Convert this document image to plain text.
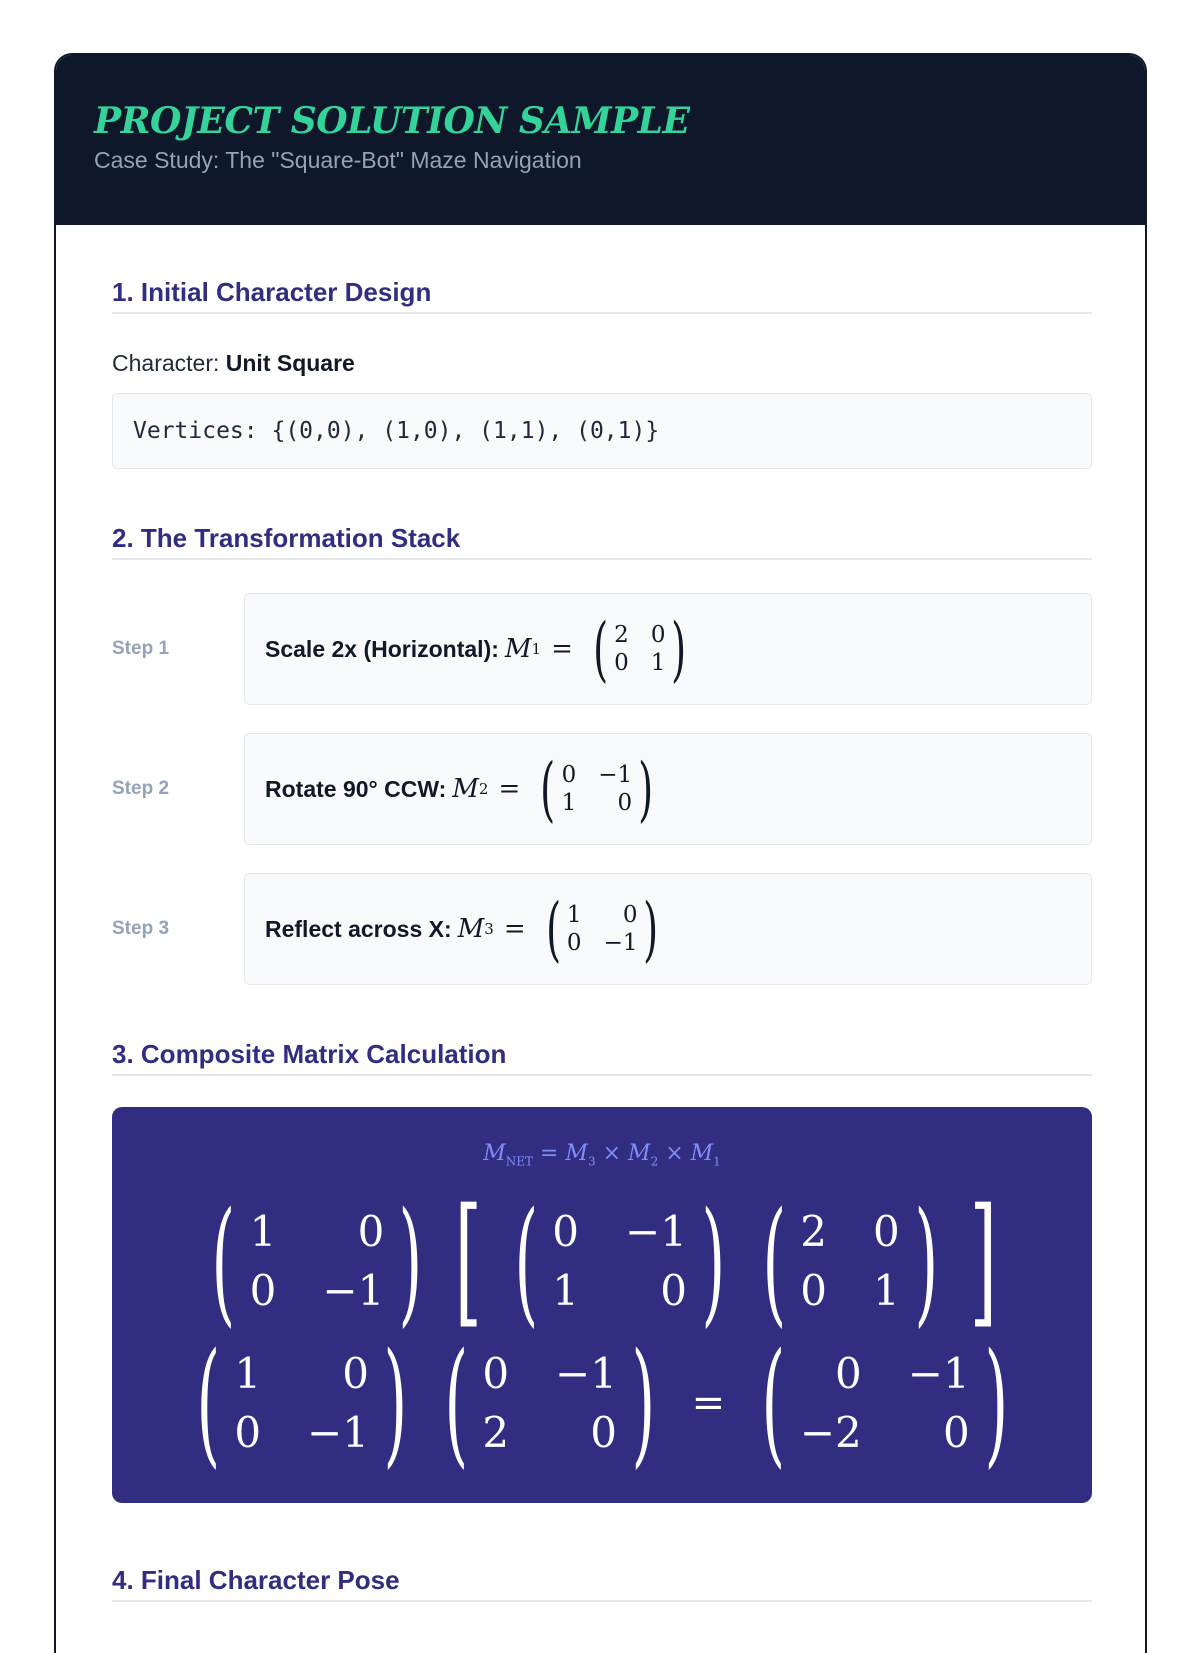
PROJECT SOLUTION SAMPLE
Case Study: The "Square-Bot" Maze Navigation
1. Initial Character Design
Character: Unit Square
Vertices: {(0,0), (1,0), (1,1), (0,1)}
2. The Transformation Stack
Step 1	Scale 2x (Horizontal): M 1 = ( 2 0
0 1 )
Step 2	Rotate 90° CCW: M 2 = ( 0 −1
1	0 )
Step 3	Reflect across X: M 3 = ( 1	0
0 −1 )
3. Composite Matrix Calculation
$M_{NET} = M_3 \times M_2 \times M_1$
( 1	0
0 −1 ) [ ( 0 −1
1	0 ) ( 2 0
0 1 ) ]
( 1	0
0 −1 ) ( 0 −1
2	0 ) = (	0 −1
−2	0 )
4. Final Character Pose
